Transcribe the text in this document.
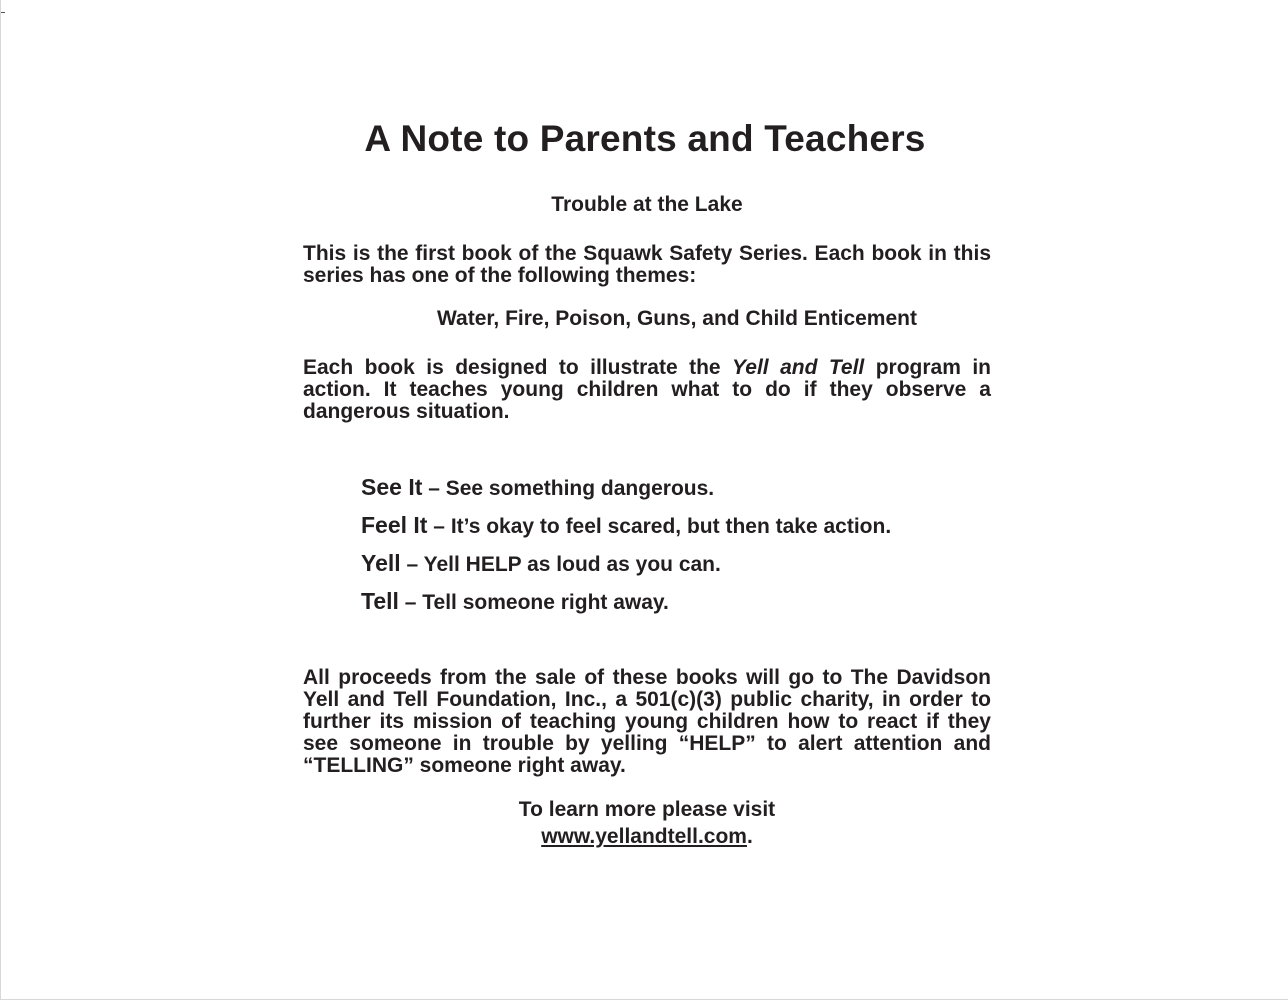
A Note to Parents and Teachers
Trouble at the Lake
This is the first book of the Squawk Safety Series. Each book in this series has one of the following themes:
Water, Fire, Poison, Guns, and Child Enticement
Each book is designed to illustrate the Yell and Tell program in action. It teaches young children what to do if they observe a dangerous situation.
See It – See something dangerous.
Feel It – It’s okay to feel scared, but then take action.
Yell – Yell HELP as loud as you can.
Tell – Tell someone right away.
All proceeds from the sale of these books will go to The Davidson Yell and Tell Foundation, Inc., a 501(c)(3) public charity, in order to further its mission of teaching young children how to react if they see someone in trouble by yelling “HELP” to alert attention and “TELLING” someone right away.
To learn more please visit
www.yellandtell.com.
